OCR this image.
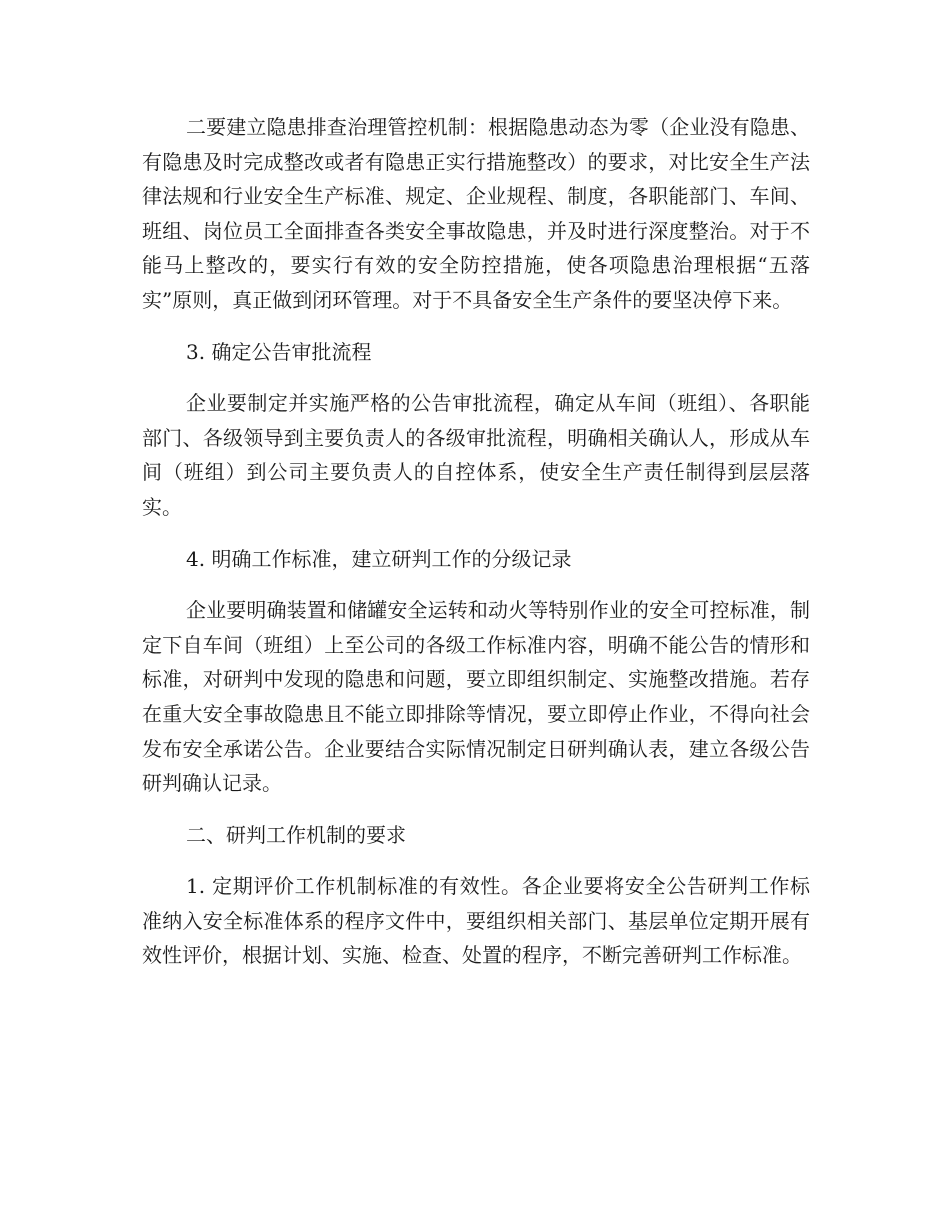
二要建立隐患排查治理管控机制：根据隐患动态为零（企业没有隐患、有隐患及时完成整改或者有隐患正实行措施整改）的要求，对比安全生产法律法规和行业安全生产标准、规定、企业规程、制度，各职能部门、车间、班组、岗位员工全面排查各类安全事故隐患，并及时进行深度整治。对于不能马上整改的，要实行有效的安全防控措施，使各项隐患治理根据“五落实”原则，真正做到闭环管理。对于不具备安全生产条件的要坚决停下来。

3. 确定公告审批流程

企业要制定并实施严格的公告审批流程，确定从车间（班组）、各职能部门、各级领导到主要负责人的各级审批流程，明确相关确认人，形成从车间（班组）到公司主要负责人的自控体系，使安全生产责任制得到层层落实。

4. 明确工作标准，建立研判工作的分级记录

企业要明确装置和储罐安全运转和动火等特别作业的安全可控标准，制定下自车间（班组）上至公司的各级工作标准内容，明确不能公告的情形和标准，对研判中发现的隐患和问题，要立即组织制定、实施整改措施。若存在重大安全事故隐患且不能立即排除等情况，要立即停止作业，不得向社会发布安全承诺公告。企业要结合实际情况制定日研判确认表，建立各级公告研判确认记录。

二、研判工作机制的要求

1. 定期评价工作机制标准的有效性。各企业要将安全公告研判工作标准纳入安全标准体系的程序文件中，要组织相关部门、基层单位定期开展有效性评价，根据计划、实施、检查、处置的程序，不断完善研判工作标准。
